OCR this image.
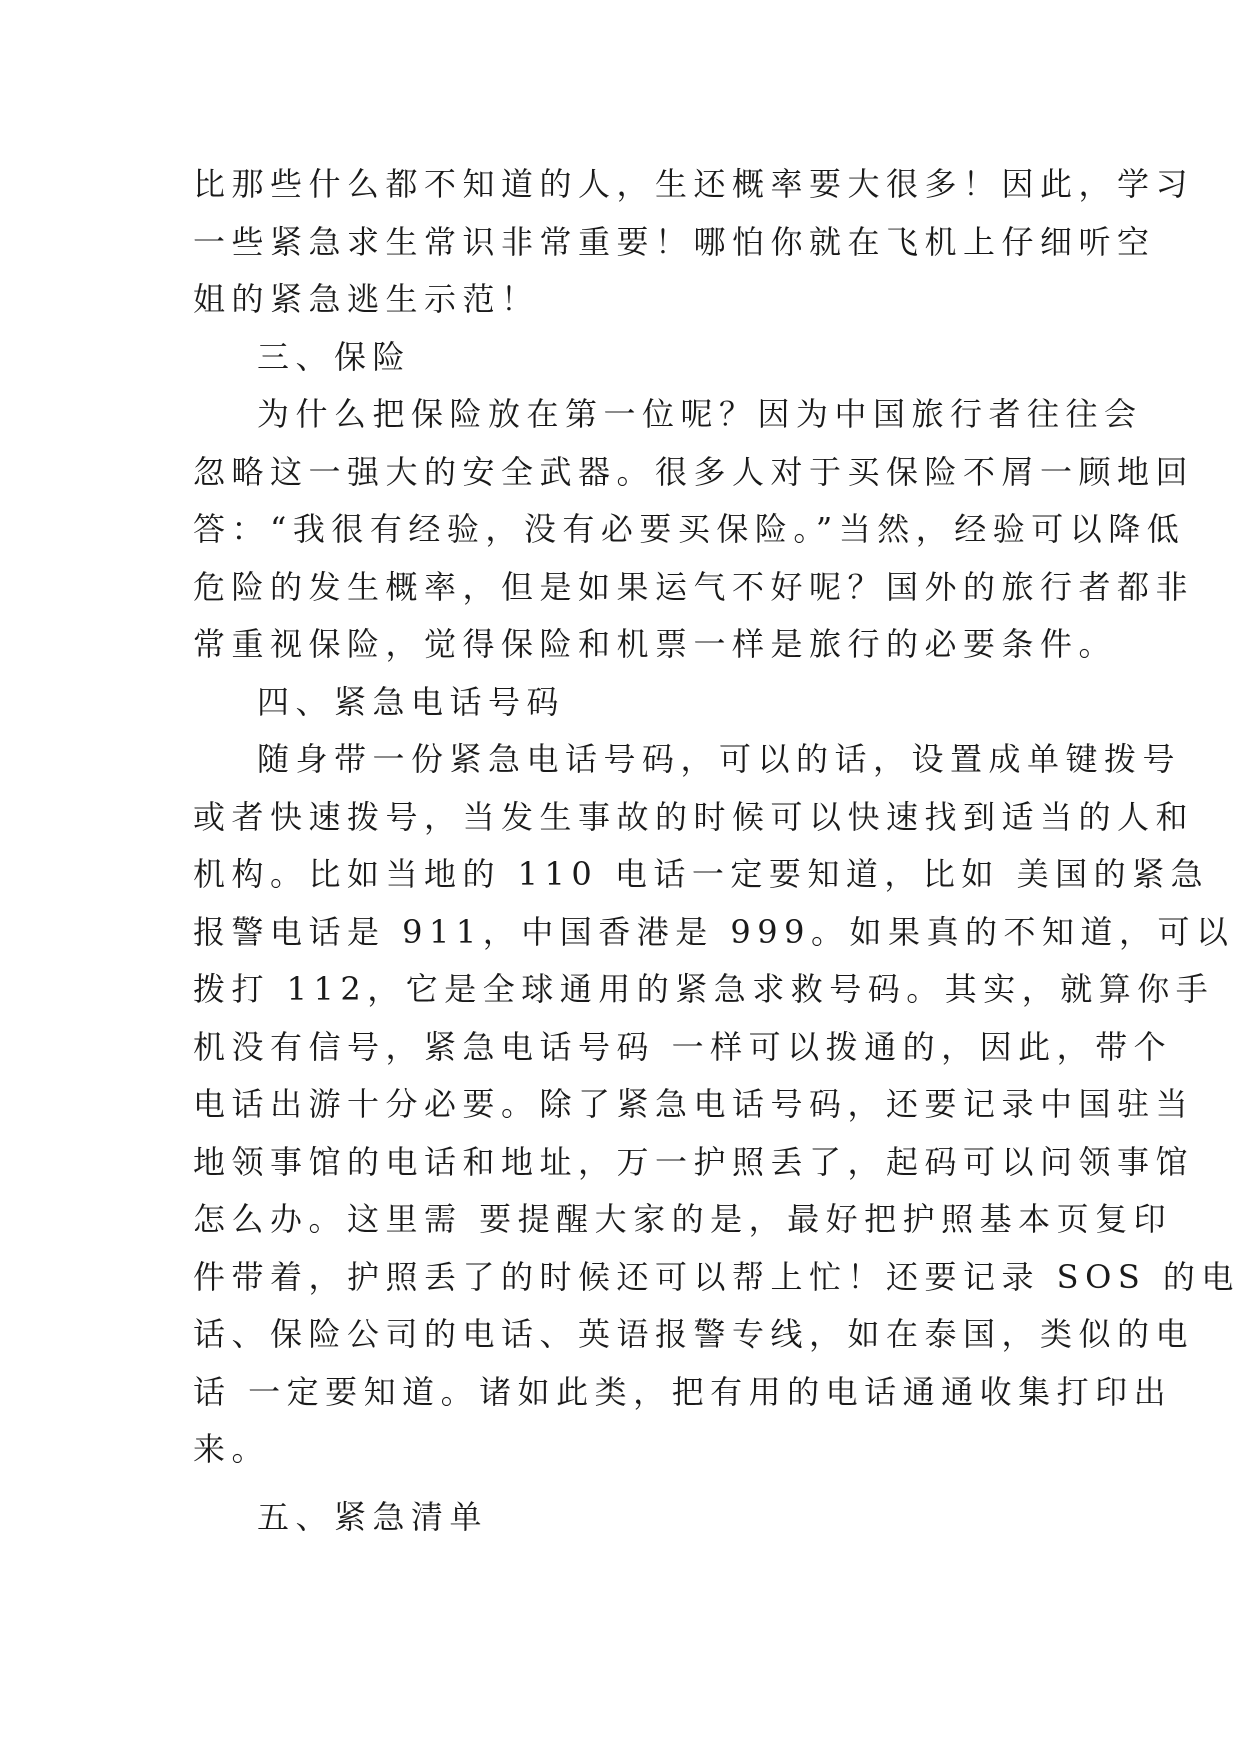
比那些什么都不知道的人，生还概率要大很多！因此，学习
一些紧急求生常识非常重要！哪怕你就在飞机上仔细听空
姐的紧急逃生示范！
三、保险
为什么把保险放在第一位呢？因为中国旅行者往往会
忽略这一强大的安全武器。很多人对于买保险不屑一顾地回
答：“我很有经验，没有必要买保险。”当然，经验可以降低
危险的发生概率，但是如果运气不好呢？国外的旅行者都非
常重视保险，觉得保险和机票一样是旅行的必要条件。
四、紧急电话号码
随身带一份紧急电话号码，可以的话，设置成单键拨号
或者快速拨号，当发生事故的时候可以快速找到适当的人和
机构。比如当地的 110 电话一定要知道，比如 美国的紧急
报警电话是 911，中国香港是 999。如果真的不知道，可以
拨打 112，它是全球通用的紧急求救号码。其实，就算你手
机没有信号，紧急电话号码 一样可以拨通的，因此，带个
电话出游十分必要。除了紧急电话号码，还要记录中国驻当
地领事馆的电话和地址，万一护照丢了，起码可以问领事馆
怎么办。这里需 要提醒大家的是，最好把护照基本页复印
件带着，护照丢了的时候还可以帮上忙！还要记录 SOS 的电
话、保险公司的电话、英语报警专线，如在泰国，类似的电
话 一定要知道。诸如此类，把有用的电话通通收集打印出
来。
五、紧急清单
